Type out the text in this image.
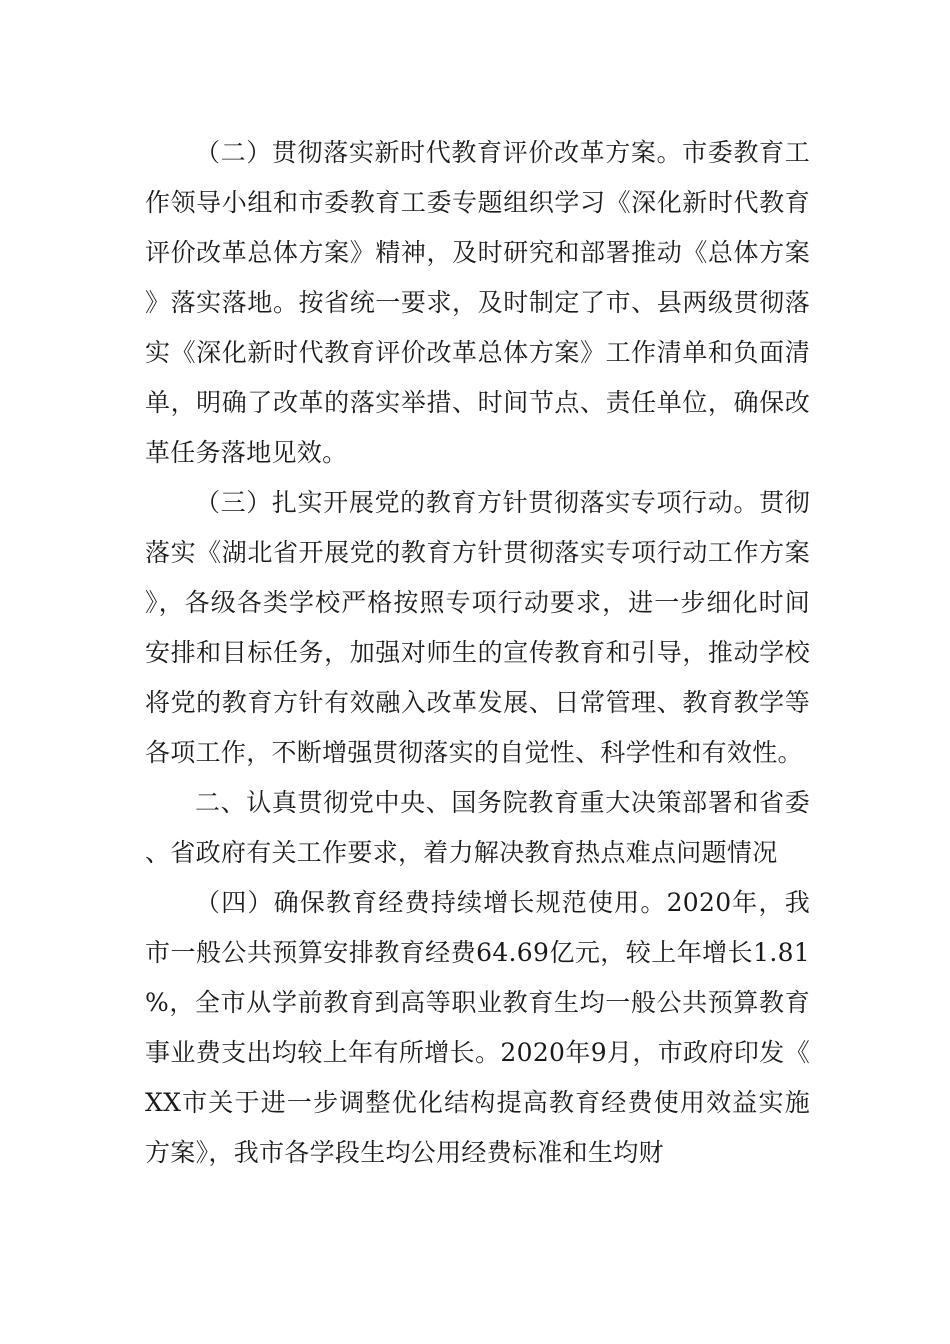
（二）贯彻落实新时代教育评价改革方案。市委教育工作领导小组和市委教育工委专题组织学习《深化新时代教育评价改革总体方案》精神，及时研究和部署推动《总体方案》落实落地。按省统一要求，及时制定了市、县两级贯彻落实《深化新时代教育评价改革总体方案》工作清单和负面清单，明确了改革的落实举措、时间节点、责任单位，确保改革任务落地见效。

（三）扎实开展党的教育方针贯彻落实专项行动。贯彻落实《湖北省开展党的教育方针贯彻落实专项行动工作方案》，各级各类学校严格按照专项行动要求，进一步细化时间安排和目标任务，加强对师生的宣传教育和引导，推动学校将党的教育方针有效融入改革发展、日常管理、教育教学等各项工作，不断增强贯彻落实的自觉性、科学性和有效性。

二、认真贯彻党中央、国务院教育重大决策部署和省委、省政府有关工作要求，着力解决教育热点难点问题情况

（四）确保教育经费持续增长规范使用。2020年，我市一般公共预算安排教育经费64.69亿元，较上年增长1.81%，全市从学前教育到高等职业教育生均一般公共预算教育事业费支出均较上年有所增长。2020年9月，市政府印发《XX市关于进一步调整优化结构提高教育经费使用效益实施方案》，我市各学段生均公用经费标准和生均财
